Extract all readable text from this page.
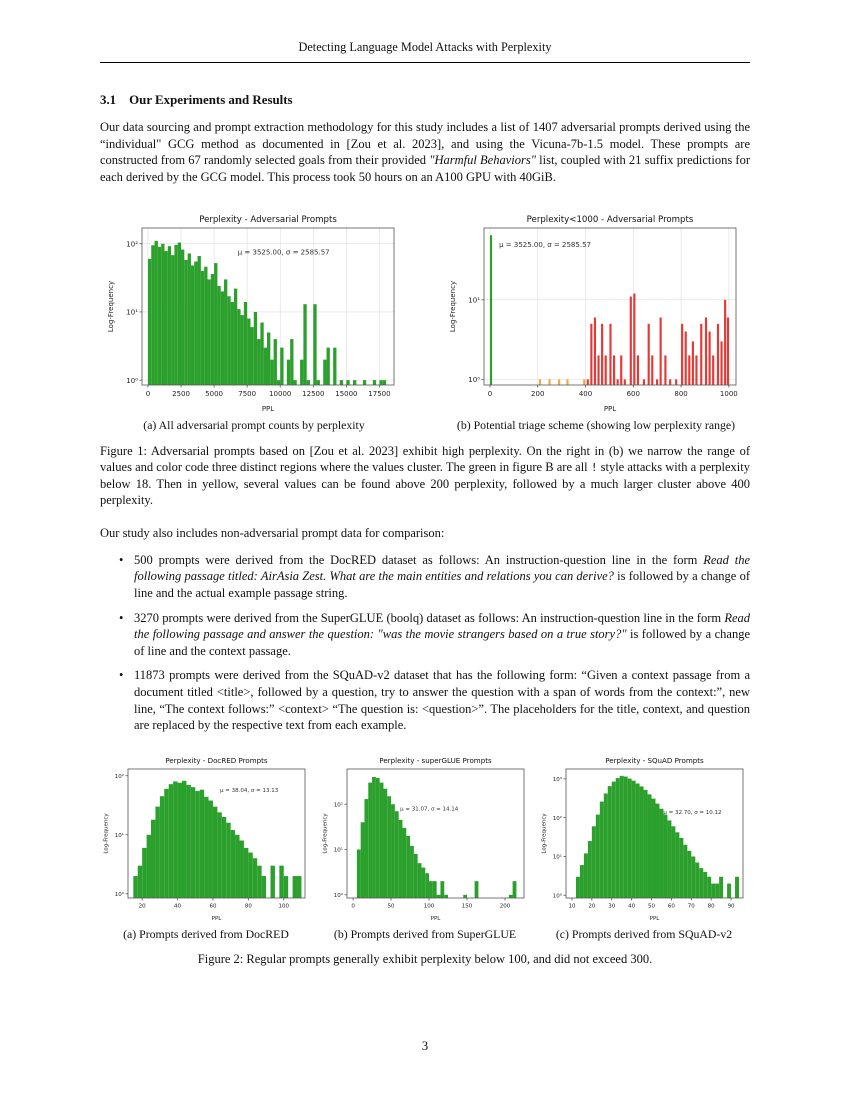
Detecting Language Model Attacks with Perplexity
3.1 Our Experiments and Results

Our data sourcing and prompt extraction methodology for this study includes a list of 1407 adversarial prompts derived using the “individual" GCG method as documented in [Zou et al. 2023], and using the Vicuna-7b-1.5 model. These prompts are constructed from 67 randomly selected goals from their provided "Harmful Behaviors" list, coupled with 21 suffix predictions for each derived by the GCG model. This process took 50 hours on an A100 GPU with 40GiB.

0	2500 5000 7500 10000 12500 15000 17500
10⁰
10¹
10²
Perplexity - Adversarial Prompts
PPL
Log-Frequency
μ = 3525.00, σ = 2585.57
(a) All adversarial prompt counts by perplexity
0	200	400	600	800	1000
10⁰
10¹
Perplexity<1000 - Adversarial Prompts
PPL
Log-Frequency
μ = 3525.00, σ = 2585.57
(b) Potential triage scheme (showing low perplexity range)
Figure 1: Adversarial prompts based on [Zou et al. 2023] exhibit high perplexity. On the right in (b) we narrow the range of values and color code three distinct regions where the values cluster. The green in figure B are all ! style attacks with a perplexity below 18. Then in yellow, several values can be found above 200 perplexity, followed by a much larger cluster above 400 perplexity.

Our study also includes non-adversarial prompt data for comparison:

• 500 prompts were derived from the DocRED dataset as follows: An instruction-question line in the form Read the following passage titled: AirAsia Zest. What are the main entities and relations you can derive? is followed by a change of line and the actual example passage string.
• 3270 prompts were derived from the SuperGLUE (boolq) dataset as follows: An instruction-question line in the form Read the following passage and answer the question: "was the movie strangers based on a true story?" is followed by a change of line and the context passage.
• 11873 prompts were derived from the SQuAD-v2 dataset that has the following form: “Given a context passage from a document titled <title>, followed by a question, try to answer the question with a span of words from the context:”, new line, “The context follows:” <context> “The question is: <question>”. The placeholders for the title, context, and question are replaced by the respective text from each example.
20	40	60	80	100
10⁰
10¹
10²
Perplexity - DocRED Prompts
PPL
Log-Frequency
μ = 38.04, σ = 13.13
(a) Prompts derived from DocRED
0	50	100	150	200
10⁰
10¹
10²
Perplexity - superGLUE Prompts
PPL
Log-Frequency
μ = 31.07, σ = 14.14
(b) Prompts derived from SuperGLUE
10 20 30 40 50 60 70 80 90
10⁰
10¹
10²
10³
Perplexity - SQuAD Prompts
PPL
Log-Frequency
μ = 32.70, σ = 10.12
(c) Prompts derived from SQuAD-v2
Figure 2: Regular prompts generally exhibit perplexity below 100, and did not exceed 300.
3
